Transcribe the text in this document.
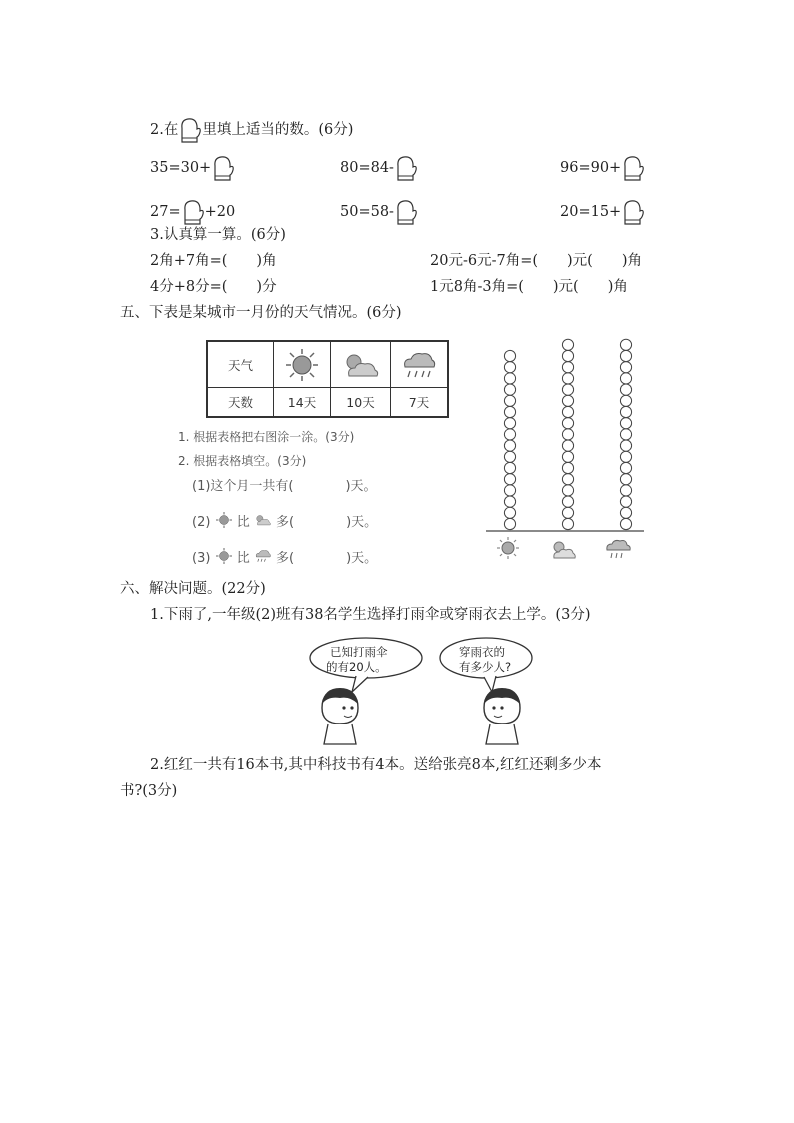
2.在 里填上适当的数。(6分)
35=30+	80=84-	96=90+
27= +20	50=58-	20=15+
3.认真算一算。(6分)
2角+7角=(　　)角	20元-6元-7角=(　　)元(　　)角
4分+8分=(　　)分	1元8角-3角=(　　)元(　　)角
五、下表是某城市一月份的天气情况。(6分)
天气
天数	14天	10天	7天
1. 根据表格把右图涂一涂。(3分)
2. 根据表格填空。(3分)
(1)这个月一共有(　　　　)天。
(2) 比 多(　　　　)天。
(3) 比 多(　　　　)天。
六、解决问题。(22分)
1.下雨了,一年级(2)班有38名学生选择打雨伞或穿雨衣去上学。(3分)
已知打雨伞
的有20人。
穿雨衣的
有多少人?
2.红红一共有16本书,其中科技书有4本。送给张亮8本,红红还剩多少本
书?(3分)
